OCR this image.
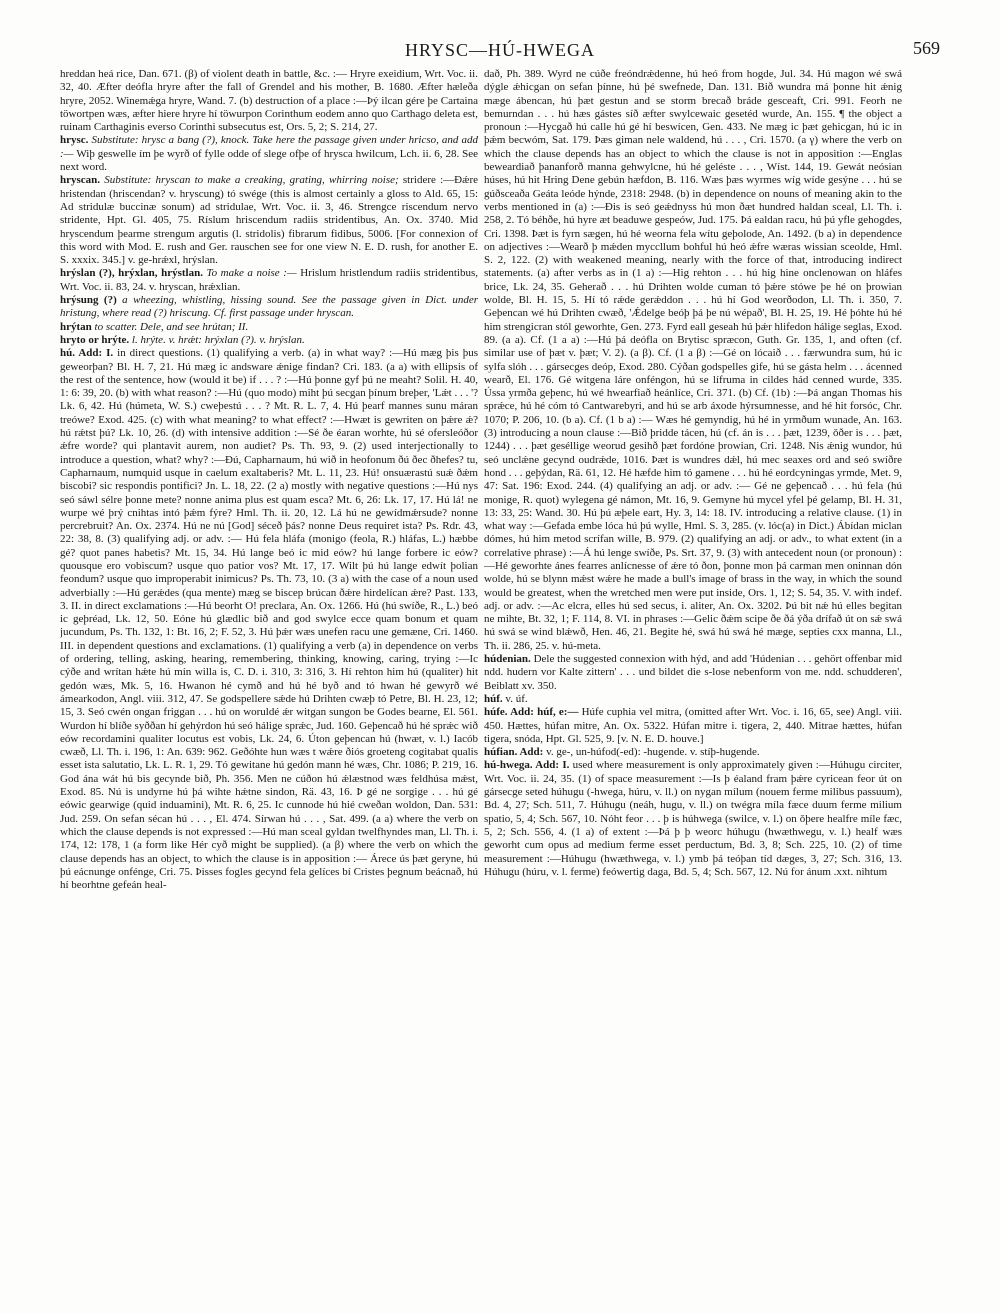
HRYSC—HÚ-HWEGA	569

hreddan heá rice, Dan. 671. (β) of violent death in battle, &c. :— Hryre exeidium, Wrt. Voc. ii. 32, 40. Æfter deófla hryre after the fall of Grendel and his mother, B. 1680. Æfter hæleða hryre, 2052. Winemǽga hryre, Wand. 7. (b) destruction of a place :—Þý ilcan gére þe Cartaina töwortpen wæs, æfter hiere hryre hí töwurpon Corinthum eodem anno quo Carthago deleta est, ruinam Carthaginis everso Corinthi subsecutus est, Ors. 5, 2; S. 214, 27.

hrysc. Substitute: hrysc a bang (?), knock. Take here the passage given under hricso, and add :— Wiþ geswelle ím þe wyrð of fylle odde of slege ofþe of hrysca hwilcum, Lch. ii. 6, 28. See next word.

hryscan. Substitute: hryscan to make a creaking, grating, whirring noise; stridere :—Ðǽre hristendan (hriscendan? v. hryscung) tó swége (this is almost certainly a gloss to Ald. 65, 15: Ad stridulæ buccinæ sonum) ad stridulae, Wrt. Voc. ii. 3, 46. Strengce riscendum nervo stridente, Hpt. Gl. 405, 75. Ríslum hriscendum radiis stridentibus, An. Ox. 3740. Mid hryscendum þearme strengum argutis (l. stridolis) fibrarum fidibus, 5006. [For connexion of this word with Mod. E. rush and Ger. rauschen see for one view N. E. D. rush, for another E. S. xxxix. 345.] v. ge-hrǽxl, hrýslan.

hrýslan (?), hrýxlan, hrýstlan. To make a noise :— Hrislum hristlendum radiis stridentibus, Wrt. Voc. ii. 83, 24. v. hryscan, hrǽxlian.

hrýsung (?) a wheezing, whistling, hissing sound. See the passage given in Dict. under hristung, where read (?) hriscung. Cf. first passage under hryscan.

hrýtan to scatter. Dele, and see hrútan; II.

hryto or hrýte. l. hrýte. v. hrǽt: hrýxlan (?). v. hrýslan.

hú. Add: I. in direct questions. (1) qualifying a verb. (a) in what way? :—Hú mæg þis þus geweorþan? Bl. H. 7, 21. Hú mæg ic andsware ǽnige findan? Cri. 183. (a a) with ellipsis of the rest of the sentence, how (would it be) if . . . ? :—Hú þonne gyf þú ne meaht? Solil. H. 40, 1: 6: 39, 20. (b) with what reason? :—Hú (quo modo) miht þú secgan þínum breþer, 'Lǽt . . . '? Lk. 6, 42. Hú (húmeta, W. S.) cweþestú . . . ? Mt. R. L. 7, 4. Hú þearf mannes sunu máran treówe? Exod. 425. (c) with what meaning? to what effect? :—Hwæt is gewriten on þǽre ǽ? hú rǽtst þú? Lk. 10, 26. (d) with intensive addition :—Sé ðe éaran worhte, hú sé ofersleóðor ǽfre worde? qui plantavit aurem, non audiet? Ps. Th. 93, 9. (2) used interjectionally to introduce a question, what? why? :—Ðú, Capharnaum, hú wið in heofonum ðú ðec ðhefes? tu, Capharnaum, numquid usque in caelum exaltaberis? Mt. L. 11, 23. Hú! onsuærastú suǽ ðǽm biscobi? sic respondis pontifici? Jn. L. 18, 22. (2 a) mostly with negative questions :—Hú nys seó sáwl sélre þonne mete? nonne anima plus est quam esca? Mt. 6, 26: Lk. 17, 17. Hú lá! ne wurpe wé þrý cnihtas intó þǽm fýre? Hml. Th. ii. 20, 12. Lá hú ne gewídmǽrsude? nonne percrebruit? An. Ox. 2374. Hú ne nú [God] séceð þás? nonne Deus requiret ista? Ps. Rdr. 43, 22: 38, 8. (3) qualifying adj. or adv. :— Hú fela hláfa (monigo (feola, R.) hláfas, L.) hæbbe gé? quot panes habetis? Mt. 15, 34. Hú lange beó ic mid eów? hú lange forbere ic eów? quousque ero vobiscum? usque quo patior vos? Mt. 17, 17. Wilt þú hú lange edwít þolian feondum? usque quo improperabit inimicus? Ps. Th. 73, 10. (3 a) with the case of a noun used adverbially :—Hú gerǽdes (qua mente) mæg se biscep brúcan ðǽre hirdelícan ǽre? Past. 133, 3. II. in direct exclamations :—Hú beorht O! preclara, An. Ox. 1266. Hú (hú swíðe, R., L.) beó ic geþréad, Lk. 12, 50. Eóne hú glædlic bið and god swylce ecce quam bonum et quam jucundum, Ps. Th. 132, 1: Bt. 16, 2; F. 52, 3. Hú þǽr wæs unefen racu une gemæne, Cri. 1460. III. in dependent questions and exclamations. (1) qualifying a verb (a) in dependence on verbs of ordering, telling, asking, hearing, remembering, thinking, knowing, caring, trying :—Ic cýðe and wrítan hǽte hú mín willa is, C. D. i. 310, 3: 316, 3. Hí rehton him hú (qualiter) hit gedón wæs, Mk. 5, 16. Hwanon hé cymð and hú hé byð and tó hwan hé gewyrð wé ámearkodon, Angl. viii. 312, 47. Se godspellere sǽde hú Drihten cwæþ tó Petre, Bl. H. 23, 12; 15, 3. Seó cwén ongan friggan . . . hú on woruldé ǽr witgan sungon be Godes bearne, El. 561. Wurdon hí blíðe syððan hí gehýrdon hú seó hálige sprǽc, Jud. 160. Geþencað hú hé sprǽc wið eów recordamini qualiter locutus est vobis, Lk. 24, 6. Úton geþencan hú (hwæt, v. l.) Iacób cwæð, Ll. Th. i. 196, 1: An. 639: 962. Geðóhte hun wæs t wǽre ðiós groeteng cogitabat qualis esset ista salutatio, Lk. L. R. 1, 29. Tó gewitane hú gedón mann hé wæs, Chr. 1086; P. 219, 16. God ána wát hú bis gecynde bið, Ph. 356. Men ne cúðon hú ǽlæstnod wæs feldhúsa mǽst, Exod. 85. Nú is undyrne hú þá wihte hǽtne sindon, Rä. 43, 16. Þ gé ne sorgige . . . hú gé eówic gearwige (quid induamini), Mt. R. 6, 25. Ic cunnode hú hié cweðan woldon, Dan. 531: Jud. 259. On sefan sécan hú . . . , El. 474. Sírwan hú . . . , Sat. 499. (a a) where the verb on which the clause depends is not expressed :—Hú man sceal gyldan twelfhyndes man, Ll. Th. i. 174, 12: 178, 1 (a form like Hér cyð might be supplied). (a β) where the verb on which the clause depends has an object, to which the clause is in apposition :— Árece ús þæt geryne, hú þú eácnunge onfénge, Cri. 75. Þisses fogles gecynd fela gelíces bí Cristes þegnum beácnað, hú hí beorhtne gefeán heal-

dað, Ph. 389. Wyrd ne cúðe freóndrǽdenne, hú heó from hogde, Jul. 34. Hú magon wé swá dýgle ǽhicgan on sefan þínne, hú þé swefnede, Dan. 131. Bið wundra má þonne hit ǽnig mæge ábencan, hú þæt gestun and se storm brecað bráde gesceaft, Cri. 991. Feorh ne bemurndan . . . hú hæs gástes síð æfter swylcewaic gesetéd wurde, An. 155. ¶ the object a pronoun :—Hycgað hú calle hú gé hí beswícen, Gen. 433. Ne mæg ic þæt gehicgan, hú ic in þǽm becwóm, Sat. 179. Þæs giman nele waldend, hú . . . , Cri. 1570. (a γ) where the verb on which the clause depends has an object to which the clause is not in apposition :—Englas beweardiað þananforð manna gehwylcne, hú hé geléste . . . , Wíst. 144, 19. Gewát neósian húses, hú hit Hring Dene gebún hæfdon, B. 116. Wæs þæs wyrmes wíg wíde gesýne . . . hú se gúðsceaða Geáta leóde hýnde, 2318: 2948. (b) in dependence on nouns of meaning akin to the verbs mentioned in (a) :—Ðis is seó geǽdnyss hú mon ðæt hundred haldan sceal, Ll. Th. i. 258, 2. Tó béhðe, hú hyre æt beaduwe gespeów, Jud. 175. Þá ealdan racu, hú þú yfle gehogdes, Cri. 1398. Þæt is fyrn sægen, hú hé weorna fela wítu geþolode, An. 1492. (b a) in dependence on adjectives :—Wearð þ mǽden myccllum bohful hú heó ǽfre wæras wissian sceolde, Hml. S. 2, 122. (2) with weakened meaning, nearly with the force of that, introducing indirect statements. (a) after verbs as in (1 a) :—Hig rehton . . . hú hig hine onclenowan on hláfes brice, Lk. 24, 35. Geherað . . . hú Drihten wolde cuman tó þǽre stówe þe hé on þrowian wolde, Bl. H. 15, 5. Hí tó rǽde gerǽddon . . . hú hí God weorðodon, Ll. Th. i. 350, 7. Geþencan wé hú Drihten cwæð, 'Ǽdelge beóþ þá þe nú wépað', Bl. H. 25, 19. Hé þóhte hú hé him strengicran stól geworhte, Gen. 273. Fyrd eall geseah hú þǽr hlifedon hálige seglas, Exod. 89. (a a). Cf. (1 a a) :—Hú þá deófla on Brytisc spræcon, Guth. Gr. 135, 1, and often (cf. similar use of þæt v. þæt; V. 2). (a β). Cf. (1 a β) :—Gé on lócaið . . . færwundra sum, hú ic sylfa slóh . . . gársecges deóp, Exod. 280. Cýðan godspelles gife, hú se gásta helm . . . ácenned wearð, El. 176. Gé witgena láre onféngon, hú se lífruma in cildes hád cenned wurde, 335. Ússa yrmða geþenc, hú wé hwearfiað heánlíce, Cri. 371. (b) Cf. (1b) :—Þá angan Thomas his sprǽce, hú hé cóm tó Cantwarebyri, and hú se arb áxode hýrsumnesse, and hé hit forsóc, Chr. 1070; P. 206, 10. (b a). Cf. (1 b a) :— Wæs hé gemyndig, hú hé in yrmðum wunade, An. 163. (3) introducing a noun clause :—Bið þridde tácen, hú (cf. án is . . . þæt, 1239, ǒðer is . . . þæt, 1244) . . . þæt geséllige weorud gesihð þæt fordóne þrowian, Cri. 1248. Nis ǽnig wundor, hú seó unclǽne gecynd oudrǽde, 1016. Þæt is wundres dǽl, hú mec seaxes ord and seó swíðre hond . . . geþýdan, Rä. 61, 12. Hé hæfde him tó gamene . . . hú hé eordcyningas yrmde, Met. 9, 47: Sat. 196: Exod. 244. (4) qualifying an adj. or adv. :— Gé ne geþencað . . . hú fela (hú monige, R. quot) wylegena gé námon, Mt. 16, 9. Gemyne hú mycel yfel þé gelamp, Bl. H. 31, 13: 33, 25: Wand. 30. Hú þú æþele eart, Hy. 3, 14: 18. IV. introducing a relative clause. (1) in what way :—Gefada embe lóca hú þú wylle, Hml. S. 3, 285. (v. lóc(a) in Dict.) Ábídan miclan dómes, hú him metod scrífan wille, B. 979. (2) qualifying an adj. or adv., to what extent (in a correlative phrase) :—Á hú lenge swíðe, Ps. Srt. 37, 9. (3) with antecedent noun (or pronoun) :—Hé geworhte ánes fearres anlícnesse of ǽre tó ðon, þonne mon þá carman men oninnan dón wolde, hú se blynn mǽst wǽre he made a bull's image of brass in the way, in which the sound would be greatest, when the wretched men were put inside, Ors. 1, 12; S. 54, 35. V. with indef. adj. or adv. :—Ac elcra, elles hú sed secus, i. aliter, An. Ox. 3202. Þú bit nǽ hú elles begitan ne mihte, Bt. 32, 1; F. 114, 8. VI. in phrases :—Gelic ðǽm scipe ðe ðá ýða drífað út on sǽ swá hú swá se wind blǽwð, Hen. 46, 21. Begite hé, swá hú swá hé mæge, septies cxx manna, Ll., Th. ii. 286, 25. v. hú-meta.

húdenian. Dele the suggested connexion with hýd, and add 'Húdenian . . . gehört offenbar mid ndd. hudern vor Kalte zittern' . . . und bildet die s-lose nebenform von me. ndd. schudderen', Beiblatt xv. 350.

húf. v. úf.

húfe. Add: húf, e:— Húfe cuphia vel mitra, (omitted after Wrt. Voc. i. 16, 65, see) Angl. viii. 450. Hættes, húfan mitre, An. Ox. 5322. Húfan mitre i. tigera, 2, 440. Mitrae hættes, húfan tigera, snóda, Hpt. Gl. 525, 9. [v. N. E. D. houve.]

húfian. Add: v. ge-, un-húfod(-ed): -hugende. v. stíþ-hugende.

hú-hwega. Add: I. used where measurement is only approximately given :—Húhugu circiter, Wrt. Voc. ii. 24, 35. (1) of space measurement :—Is þ éaland fram þǽre cyricean feor út on gársecge seted húhugu (-hwega, húru, v. ll.) on nygan mílum (nouem ferme milibus passuum), Bd. 4, 27; Sch. 511, 7. Húhugu (neáh, hugu, v. ll.) on twégra míla fæce duum ferme milium spatio, 5, 4; Sch. 567, 10. Nóht feor . . . þ is húhwega (swilce, v. l.) on ǒþere healfre míle fæc, 5, 2; Sch. 556, 4. (1 a) of extent :—Þá þ þ weorc húhugu (hwæthwegu, v. l.) healf wæs geworht cum opus ad medium ferme esset perductum, Bd. 3, 8; Sch. 225, 10. (2) of time measurement :—Húhugu (hwæthwega, v. l.) ymb þá teóþan tíd dæges, 3, 27; Sch. 316, 13. Húhugu (húru, v. l. ferme) feówertig daga, Bd. 5, 4; Sch. 567, 12. Nú for ánum .xxt. nihtum
